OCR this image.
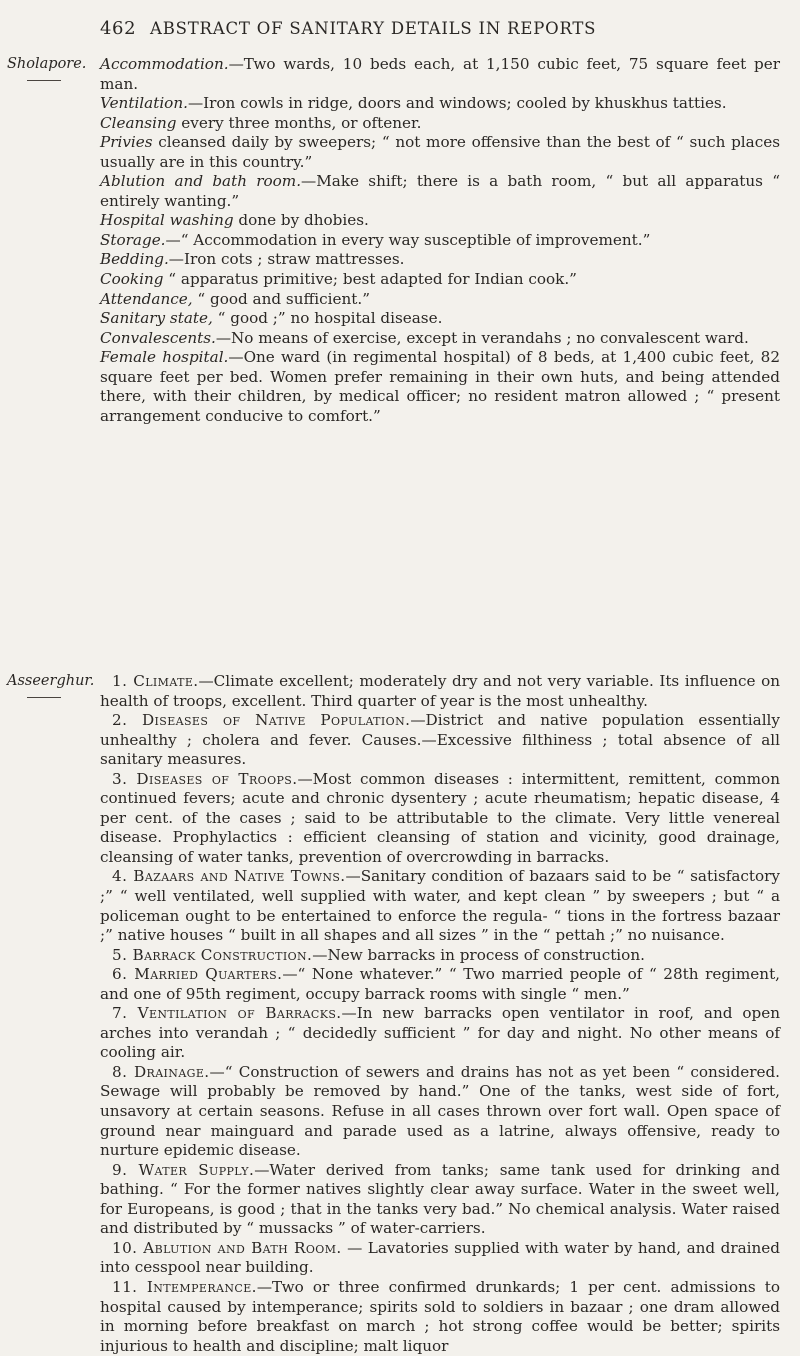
462 ABSTRACT OF SANITARY DETAILS IN REPORTS
Sholapore. Accommodation.—Two wards, 10 beds each, at 1,150 cubic feet, 75 square feet per man.

Ventilation.—Iron cowls in ridge, doors and windows; cooled by khuskhus tatties.

Cleansing every three months, or oftener.

Privies cleansed daily by sweepers; “ not more offensive than the best of “ such places usually are in this country.”

Ablution and bath room.—Make shift; there is a bath room, “ but all apparatus “ entirely wanting.”

Hospital washing done by dhobies.

Storage.—“ Accommodation in every way susceptible of improvement.”

Bedding.—Iron cots ; straw mattresses.

Cooking “ apparatus primitive; best adapted for Indian cook.”

Attendance, “ good and sufficient.”

Sanitary state, “ good ;” no hospital disease.

Convalescents.—No means of exercise, except in verandahs ; no convalescent ward.

Female hospital.—One ward (in regimental hospital) of 8 beds, at 1,400 cubic feet, 82 square feet per bed. Women prefer remaining in their own huts, and being attended there, with their children, by medical officer; no resident matron allowed ; “ present arrangement conducive to comfort.”

Asseerghur.	1. Climate.—Climate excellent; moderately dry and not very variable. Its influence on health of troops, excellent. Third quarter of year is the most unhealthy.

2. Diseases of Native Population.—District and native population essentially unhealthy ; cholera and fever. Causes.—Excessive filthiness ; total absence of all sanitary measures.

3. Diseases of Troops.—Most common diseases : intermittent, remittent, common continued fevers; acute and chronic dysentery ; acute rheumatism; hepatic disease, 4 per cent. of the cases ; said to be attributable to the climate. Very little venereal disease. Prophylactics : efficient cleansing of station and vicinity, good drainage, cleansing of water tanks, prevention of overcrowding in barracks.

4. Bazaars and Native Towns.—Sanitary condition of bazaars said to be “ satisfactory ;” “ well ventilated, well supplied with water, and kept clean ” by sweepers ; but “ a policeman ought to be entertained to enforce the regula- “ tions in the fortress bazaar ;” native houses “ built in all shapes and all sizes ” in the “ pettah ;” no nuisance.

5. Barrack Construction.—New barracks in process of construction.

6. Married Quarters.—“ None whatever.” “ Two married people of “ 28th regiment, and one of 95th regiment, occupy barrack rooms with single “ men.”

7. Ventilation of Barracks.—In new barracks open ventilator in roof, and open arches into verandah ; “ decidedly sufficient ” for day and night. No other means of cooling air.

8. Drainage.—“ Construction of sewers and drains has not as yet been “ considered. Sewage will probably be removed by hand.” One of the tanks, west side of fort, unsavory at certain seasons. Refuse in all cases thrown over fort wall. Open space of ground near mainguard and parade used as a latrine, always offensive, ready to nurture epidemic disease.

9. Water Supply.—Water derived from tanks; same tank used for drinking and bathing. “ For the former natives slightly clear away surface. Water in the sweet well, for Europeans, is good ; that in the tanks very bad.” No chemical analysis. Water raised and distributed by “ mussacks ” of water-carriers.

10. Ablution and Bath Room. — Lavatories supplied with water by hand, and drained into cesspool near building.

11. Intemperance.—Two or three confirmed drunkards; 1 per cent. admissions to hospital caused by intemperance; spirits sold to soldiers in bazaar ; one dram allowed in morning before breakfast on march ; hot strong coffee would be better; spirits injurious to health and discipline; malt liquor
